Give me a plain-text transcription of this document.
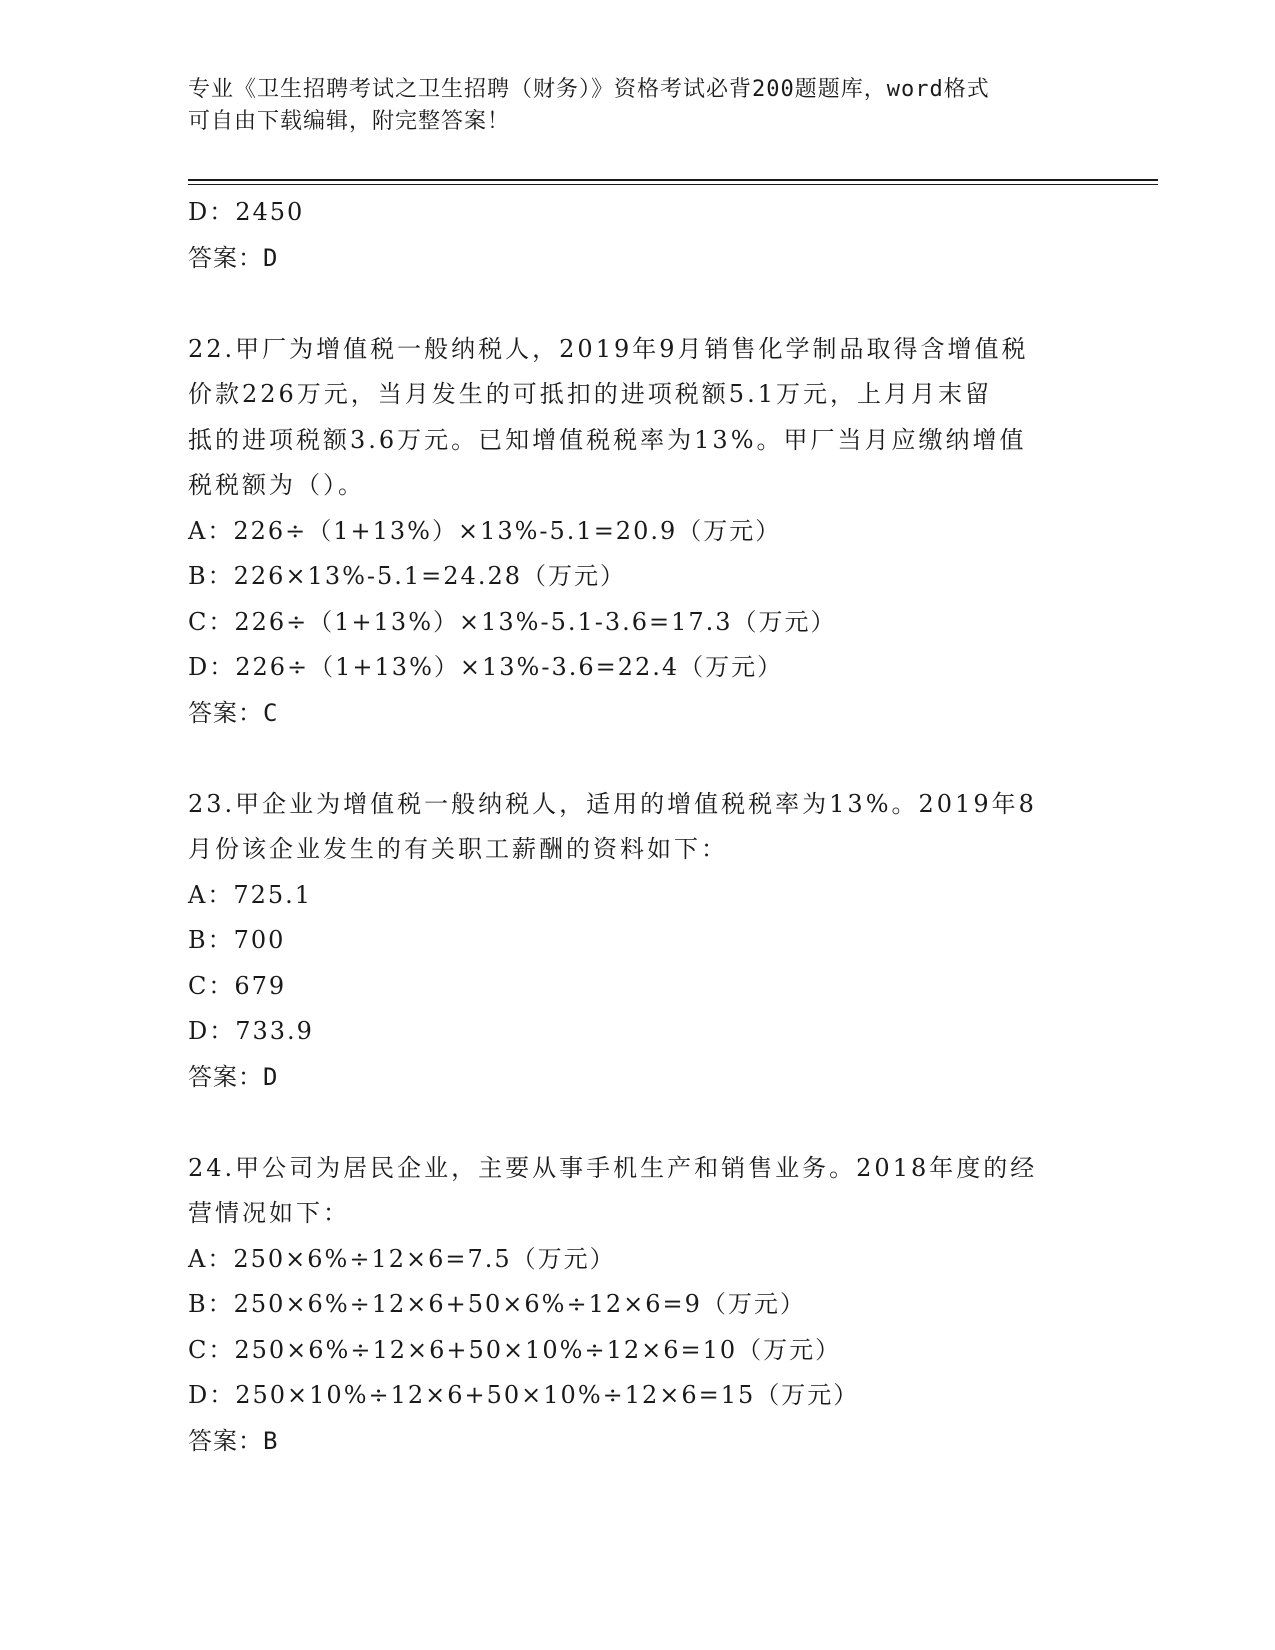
专业《卫生招聘考试之卫生招聘（财务）》资格考试必背200题题库，word格式
可自由下载编辑，附完整答案！
D：2450
答案：D
22.甲厂为增值税一般纳税人，2019年9月销售化学制品取得含增值税
价款226万元，当月发生的可抵扣的进项税额5.1万元，上月月末留
抵的进项税额3.6万元。已知增值税税率为13%。甲厂当月应缴纳增值
税税额为（）。
A：226÷（1+13%）×13%-5.1=20.9（万元）
B：226×13%-5.1=24.28（万元）
C：226÷（1+13%）×13%-5.1-3.6=17.3（万元）
D：226÷（1+13%）×13%-3.6=22.4（万元）
答案：C
23.甲企业为增值税一般纳税人，适用的增值税税率为13%。2019年8
月份该企业发生的有关职工薪酬的资料如下：
A：725.1
B：700
C：679
D：733.9
答案：D
24.甲公司为居民企业，主要从事手机生产和销售业务。2018年度的经
营情况如下：
A：250×6%÷12×6=7.5（万元）
B：250×6%÷12×6+50×6%÷12×6=9（万元）
C：250×6%÷12×6+50×10%÷12×6=10（万元）
D：250×10%÷12×6+50×10%÷12×6=15（万元）
答案：B
